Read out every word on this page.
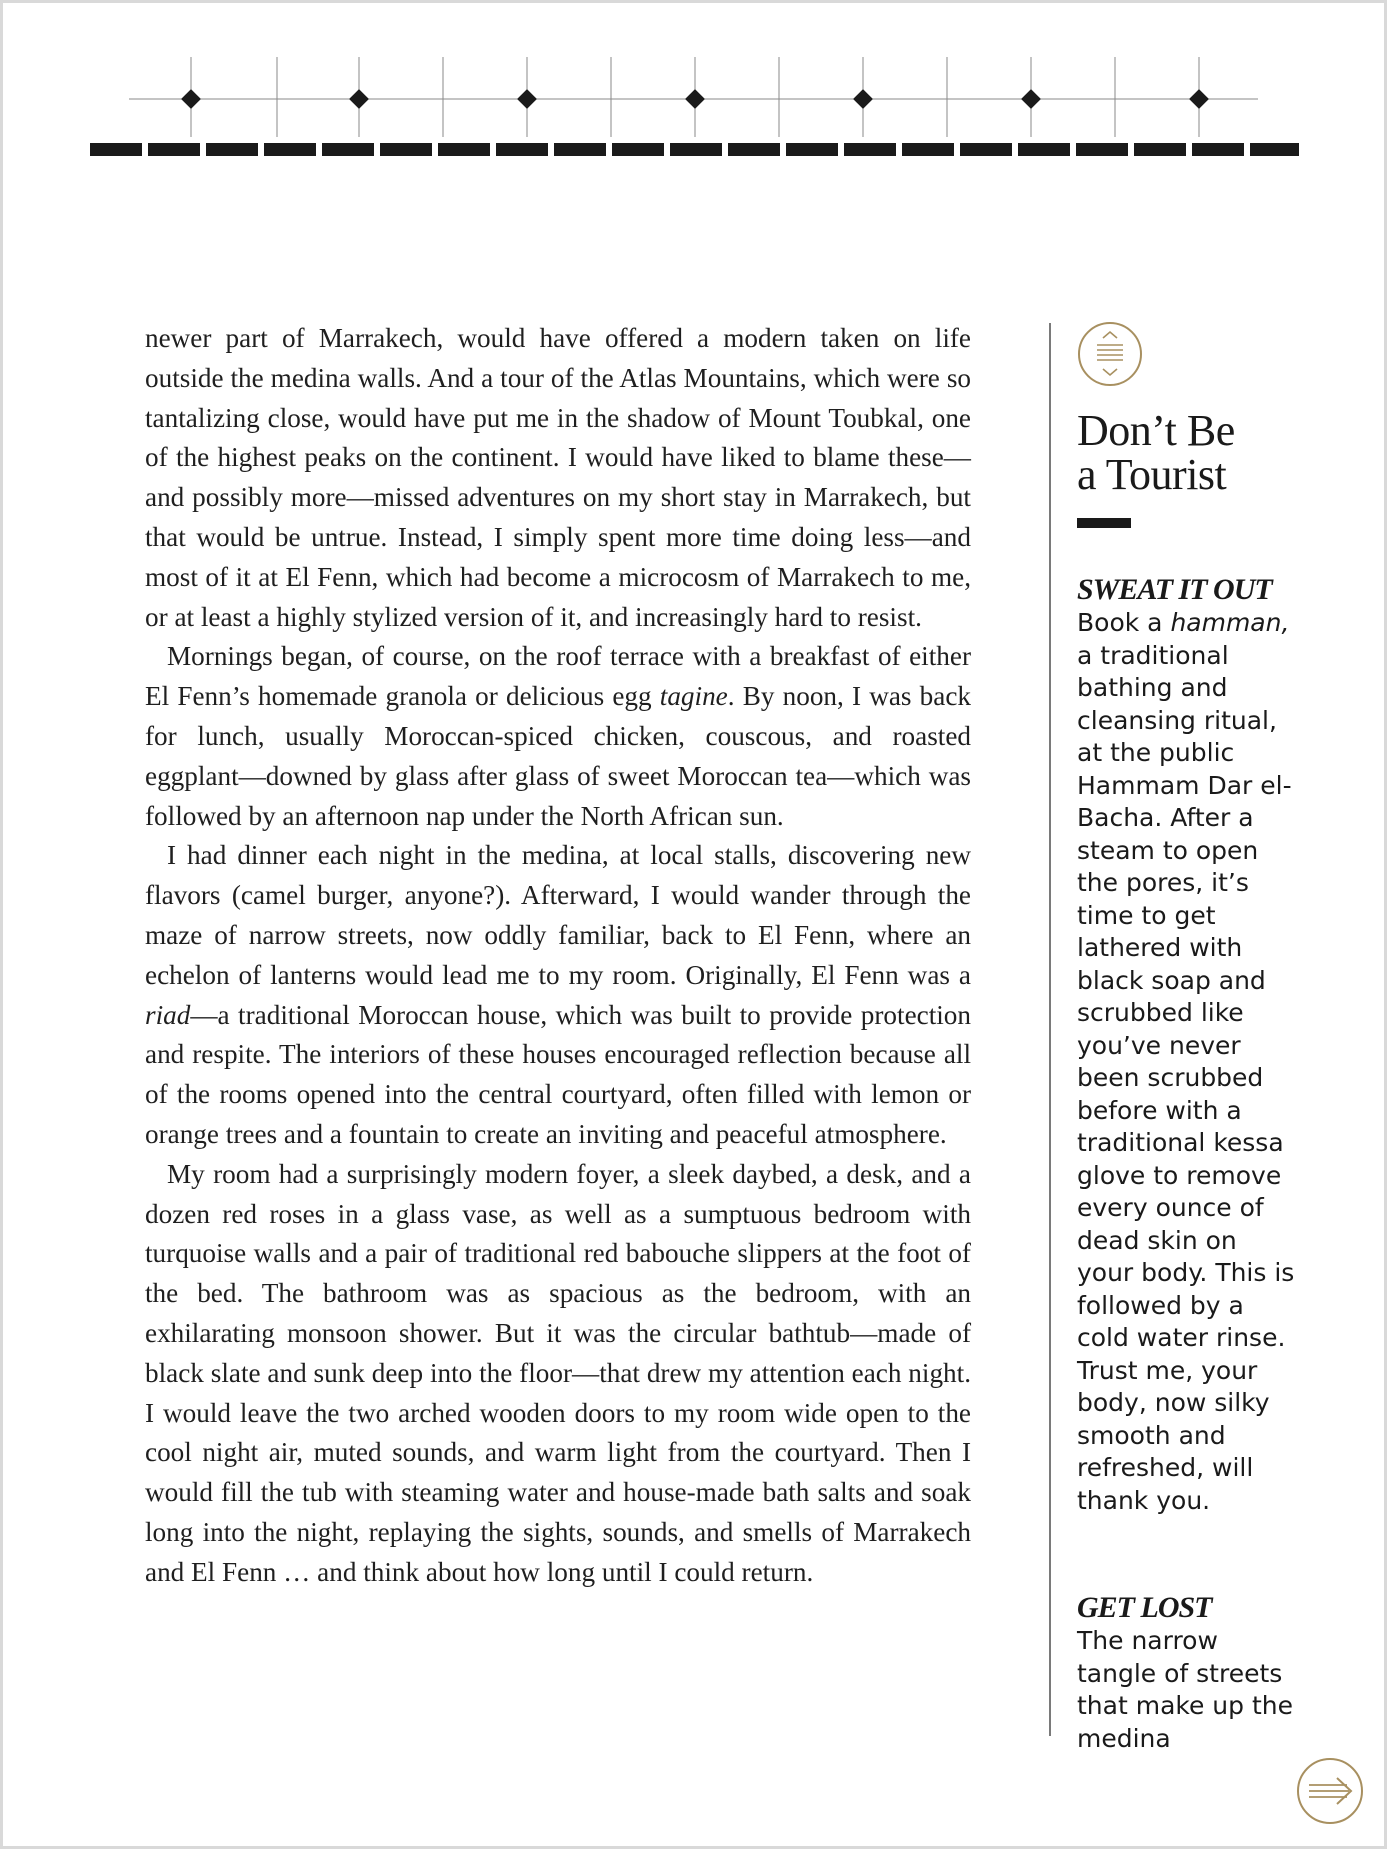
newer part of Marrakech, would have offered a modern taken on life outside the medina walls. And a tour of the Atlas Mountains, which were so tantalizing close, would have put me in the shadow of Mount Toubkal, one of the highest peaks on the continent. I would have liked to blame these—and possibly more—missed adventures on my short stay in Marrakech, but that would be untrue. Instead, I simply spent more time doing less—and most of it at El Fenn, which had become a microcosm of Marrakech to me, or at least a highly stylized version of it, and increasingly hard to resist.

Mornings began, of course, on the roof terrace with a breakfast of either El Fenn’s homemade granola or delicious egg tagine. By noon, I was back for lunch, usually Moroccan-spiced chicken, couscous, and roasted eggplant—downed by glass after glass of sweet Moroccan tea—which was followed by an afternoon nap under the North African sun.

I had dinner each night in the medina, at local stalls, discovering new flavors (camel burger, anyone?). Afterward, I would wander through the maze of narrow streets, now oddly familiar, back to El Fenn, where an echelon of lanterns would lead me to my room. Originally, El Fenn was a riad—a traditional Moroccan house, which was built to provide protection and respite. The interiors of these houses encouraged reflection because all of the rooms opened into the central courtyard, often filled with lemon or orange trees and a fountain to create an inviting and peaceful atmosphere.

My room had a surprisingly modern foyer, a sleek daybed, a desk, and a dozen red roses in a glass vase, as well as a sumptuous bedroom with turquoise walls and a pair of traditional red babouche slippers at the foot of the bed. The bathroom was as spacious as the bedroom, with an exhilarating monsoon shower. But it was the circular bathtub—made of black slate and sunk deep into the floor—that drew my attention each night. I would leave the two arched wooden doors to my room wide open to the cool night air, muted sounds, and warm light from the courtyard. Then I would fill the tub with steaming water and house-made bath salts and soak long into the night, replaying the sights, sounds, and smells of Marrakech and El Fenn … and think about how long until I could return.

Don’t Be
a Tourist
SWEAT IT OUT
Book a hamman, a traditional bathing and cleansing ritual, at the public Hammam Dar el-Bacha. After a steam to open the pores, it’s time to get lathered with black soap and scrubbed like you’ve never been scrubbed before with a traditional kessa glove to remove every ounce of dead skin on your body. This is followed by a cold water rinse. Trust me, your body, now silky smooth and refreshed, will thank you.
GET LOST
The narrow tangle of streets that make up the medina
